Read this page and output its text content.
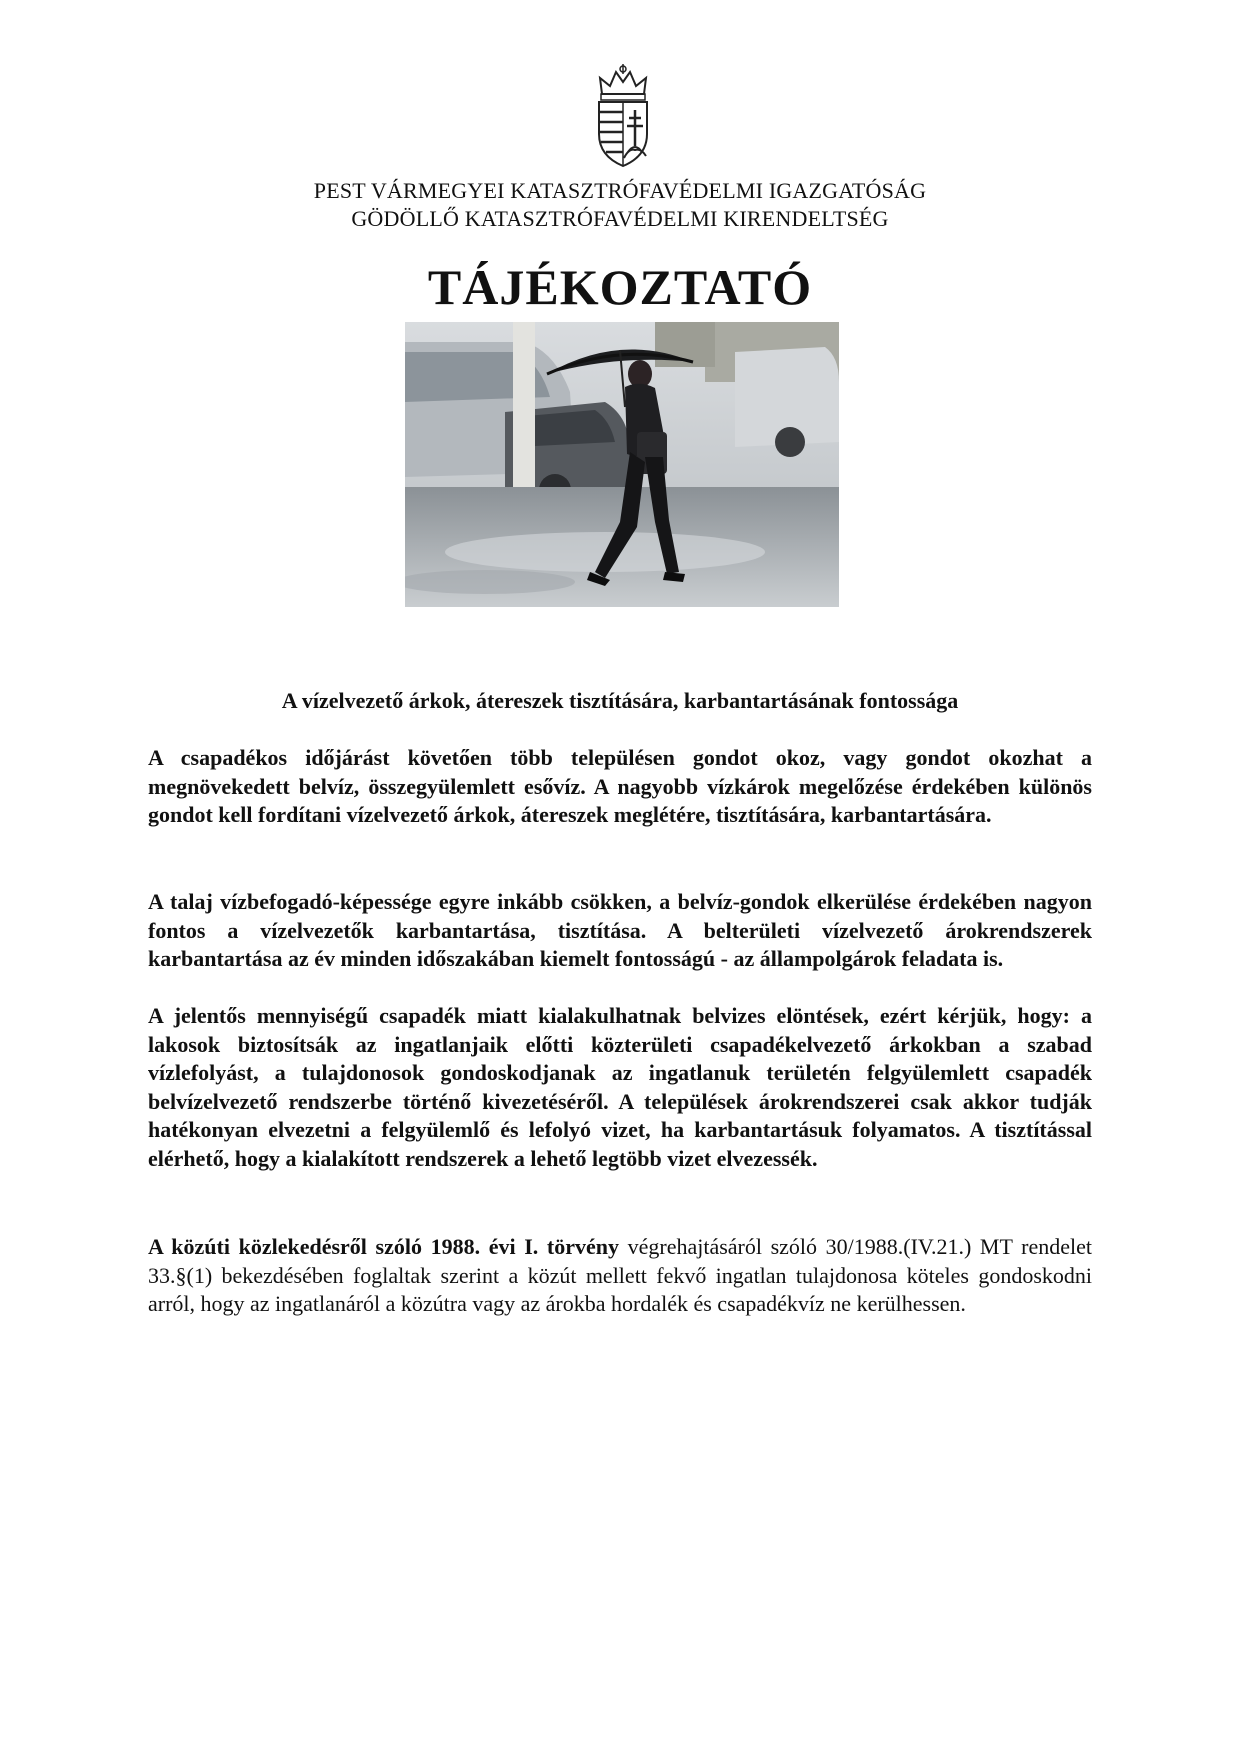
PEST VÁRMEGYEI KATASZTRÓFAVÉDELMI IGAZGATÓSÁG
GÖDÖLLŐ KATASZTRÓFAVÉDELMI KIRENDELTSÉG
TÁJÉKOZTATÓ
A vízelvezető árkok, átereszek tisztítására, karbantartásának fontossága

A csapadékos időjárást követően több településen gondot okoz, vagy gondot okozhat a megnövekedett belvíz, összegyülemlett esővíz. A nagyobb vízkárok megelőzése érdekében különös gondot kell fordítani vízelvezető árkok, átereszek meglétére, tisztítására, karbantartására.

A talaj vízbefogadó-képessége egyre inkább csökken, a belvíz-gondok elkerülése érdekében nagyon fontos a vízelvezetők karbantartása, tisztítása. A belterületi vízelvezető árokrendszerek karbantartása az év minden időszakában kiemelt fontosságú - az állampolgárok feladata is.

A jelentős mennyiségű csapadék miatt kialakulhatnak belvizes elöntések, ezért kérjük, hogy: a lakosok biztosítsák az ingatlanjaik előtti közterületi csapadékelvezető árkokban a szabad vízlefolyást, a tulajdonosok gondoskodjanak az ingatlanuk területén felgyülemlett csapadék belvízelvezető rendszerbe történő kivezetéséről. A települések árokrendszerei csak akkor tudják hatékonyan elvezetni a felgyülemlő és lefolyó vizet, ha karbantartásuk folyamatos. A tisztítással elérhető, hogy a kialakított rendszerek a lehető legtöbb vizet elvezessék.

A közúti közlekedésről szóló 1988. évi I. törvény végrehajtásáról szóló 30/1988.(IV.21.) MT rendelet 33.§(1) bekezdésében foglaltak szerint a közút mellett fekvő ingatlan tulajdonosa köteles gondoskodni arról, hogy az ingatlanáról a közútra vagy az árokba hordalék és csapadékvíz ne kerülhessen.
